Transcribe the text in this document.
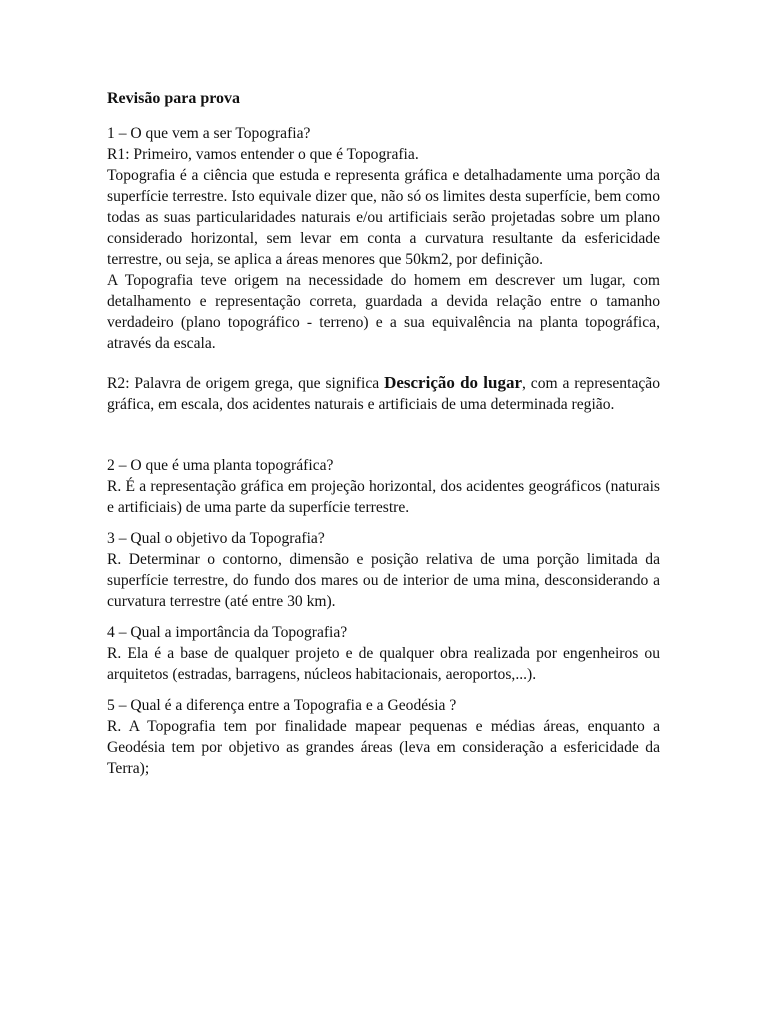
Revisão para prova

1 – O que vem a ser Topografia?

R1: Primeiro, vamos entender o que é Topografia.

Topografia é a ciência que estuda e representa gráfica e detalhadamente uma porção da superfície terrestre. Isto equivale dizer que, não só os limites desta superfície, bem como todas as suas particularidades naturais e/ou artificiais serão projetadas sobre um plano considerado horizontal, sem levar em conta a curvatura resultante da esfericidade terrestre, ou seja, se aplica a áreas menores que 50km2, por definição.

A Topografia teve origem na necessidade do homem em descrever um lugar, com detalhamento e representação correta, guardada a devida relação entre o tamanho verdadeiro (plano topográfico - terreno) e a sua equivalência na planta topográfica, através da escala.

R2: Palavra de origem grega, que significa Descrição do lugar, com a representação gráfica, em escala, dos acidentes naturais e artificiais de uma determinada região.

2 – O que é uma planta topográfica?

R. É a representação gráfica em projeção horizontal, dos acidentes geográficos (naturais e artificiais) de uma parte da superfície terrestre.

3 – Qual o objetivo da Topografia?

R. Determinar o contorno, dimensão e posição relativa de uma porção limitada da superfície terrestre, do fundo dos mares ou de interior de uma mina, desconsiderando a curvatura terrestre (até entre 30 km).

4 – Qual a importância da Topografia?

R. Ela é a base de qualquer projeto e de qualquer obra realizada por engenheiros ou arquitetos (estradas, barragens, núcleos habitacionais, aeroportos,...).

5 – Qual é a diferença entre a Topografia e a Geodésia ?

R. A Topografia tem por finalidade mapear pequenas e médias áreas, enquanto a Geodésia tem por objetivo as grandes áreas (leva em consideração a esfericidade da Terra);
